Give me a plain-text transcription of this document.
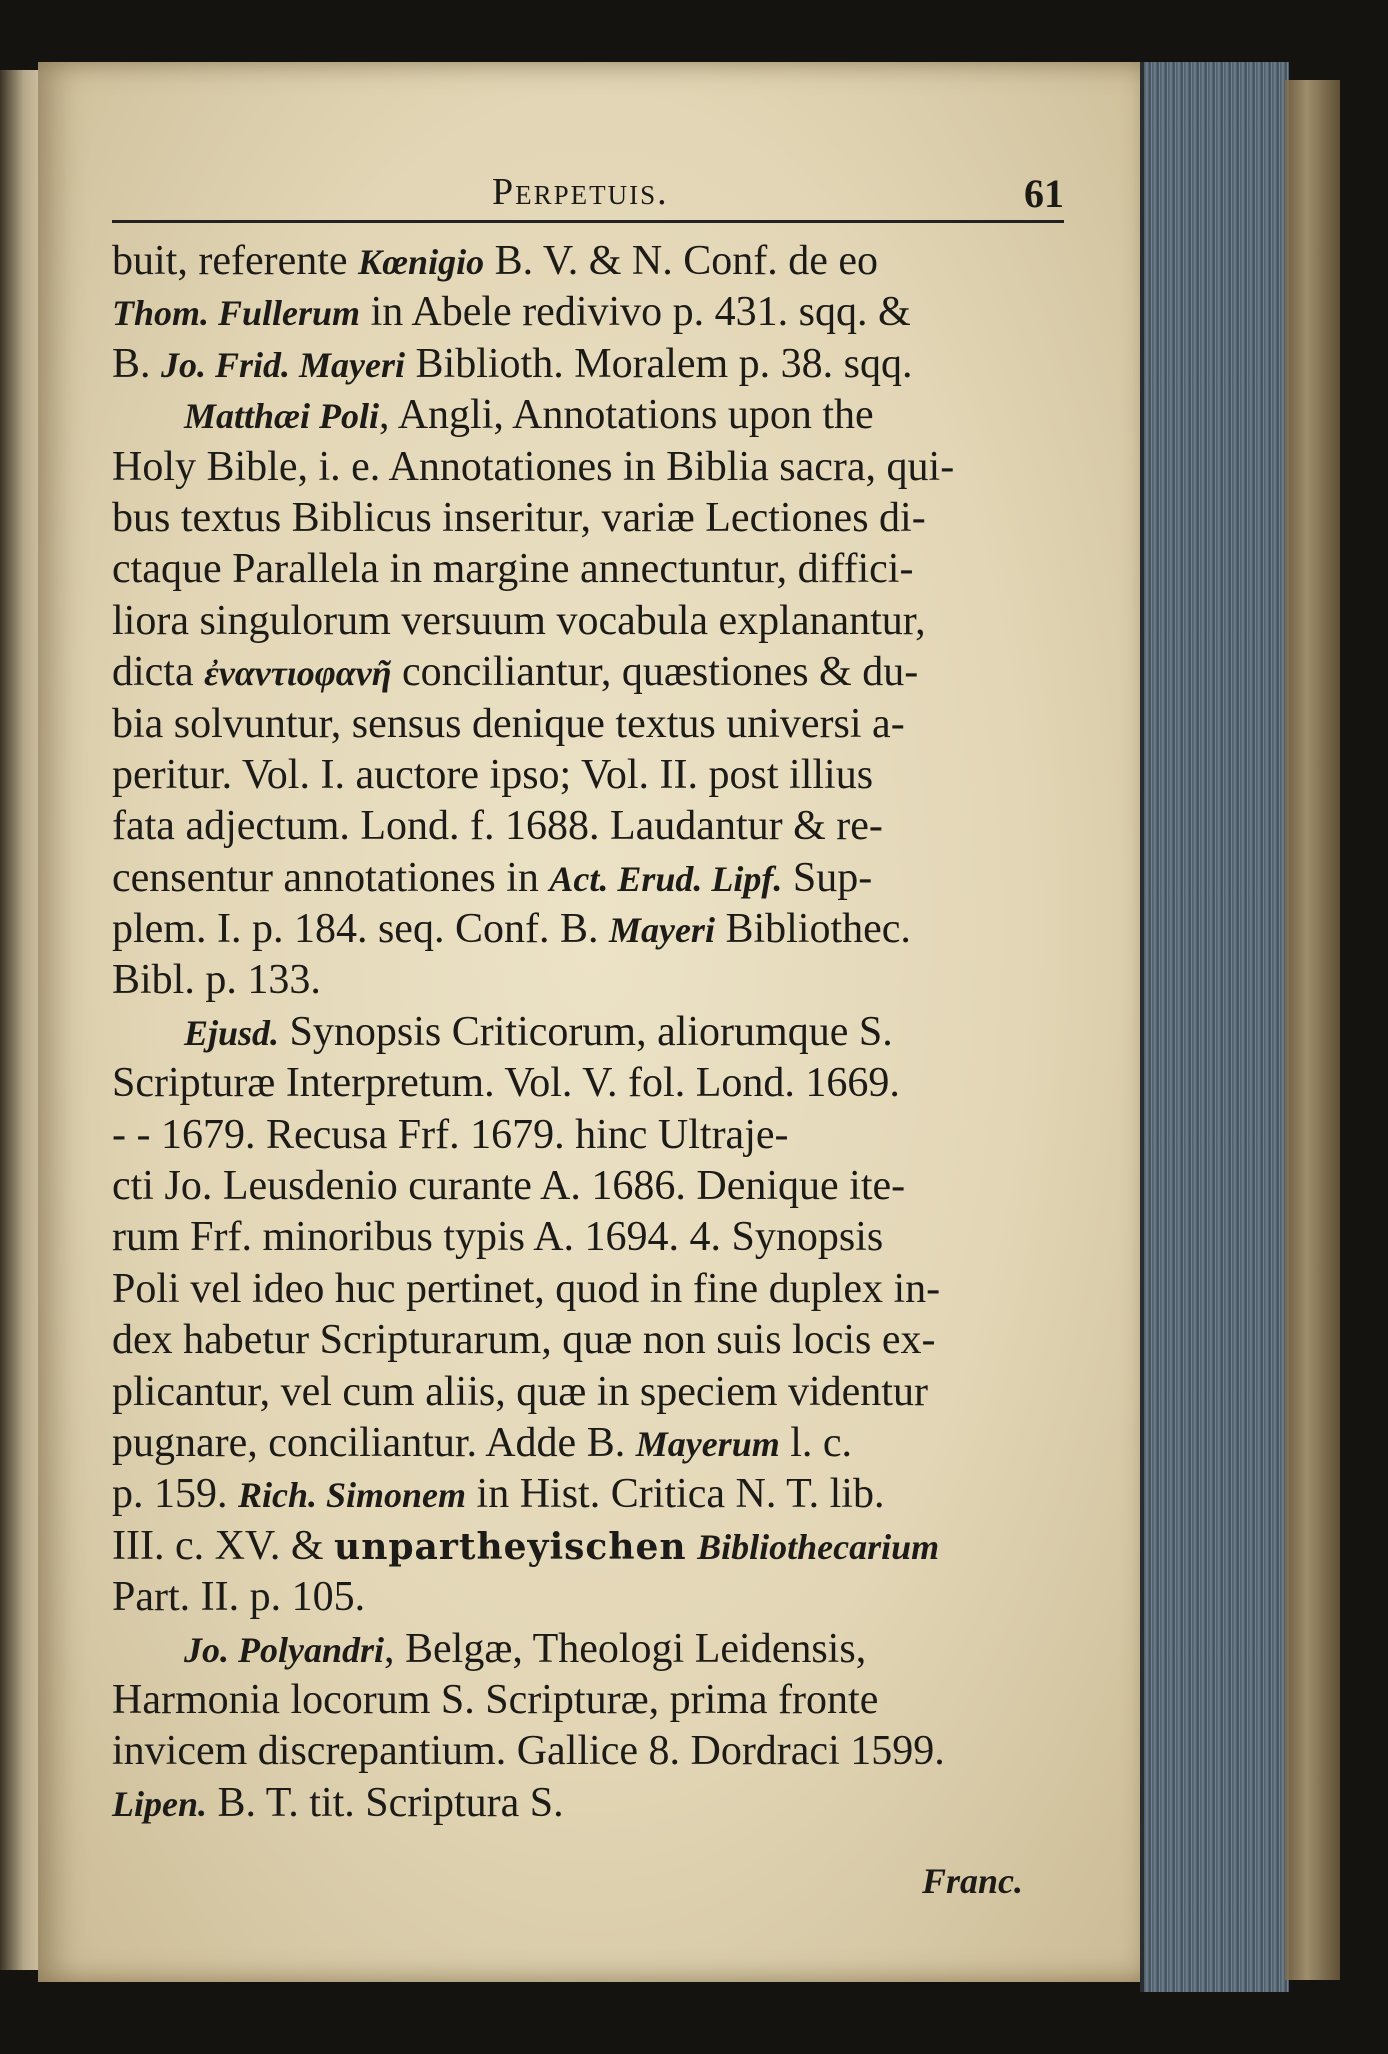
Perpetuis.	61
buit, referente Kœnigio B. V. & N. Conf. de eo
Thom. Fullerum in Abele redivivo p. 431. sqq. &
B. Jo. Frid. Mayeri Biblioth. Moralem p. 38. sqq.
Matthæi Poli, Angli, Annotations upon the
Holy Bible, i. e. Annotationes in Biblia sacra, qui-
bus textus Biblicus inseritur, variæ Lectiones di-
ctaque Parallela in margine annectuntur, diffici-
liora singulorum versuum vocabula explanantur,
dicta ἐναντιοφανῆ conciliantur, quæstiones & du-
bia solvuntur, sensus denique textus universi a-
peritur. Vol. I. auctore ipso; Vol. II. post illius
fata adjectum. Lond. f. 1688. Laudantur & re-
censentur annotationes in Act. Erud. Lipf. Sup-
plem. I. p. 184. seq. Conf. B. Mayeri Bibliothec.
Bibl. p. 133.
Ejusd. Synopsis Criticorum, aliorumque S.
Scripturæ Interpretum. Vol. V. fol. Lond. 1669.
- - 1679. Recusa Frf. 1679. hinc Ultraje-
cti Jo. Leusdenio curante A. 1686. Denique ite-
rum Frf. minoribus typis A. 1694. 4. Synopsis
Poli vel ideo huc pertinet, quod in fine duplex in-
dex habetur Scripturarum, quæ non suis locis ex-
plicantur, vel cum aliis, quæ in speciem videntur
pugnare, conciliantur. Adde B. Mayerum l. c.
p. 159. Rich. Simonem in Hist. Critica N. T. lib.
III. c. XV. & unpartheyischen Bibliothecarium
Part. II. p. 105.
Jo. Polyandri, Belgæ, Theologi Leidensis,
Harmonia locorum S. Scripturæ, prima fronte
invicem discrepantium. Gallice 8. Dordraci 1599.
Lipen. B. T. tit. Scriptura S.
Franc.
